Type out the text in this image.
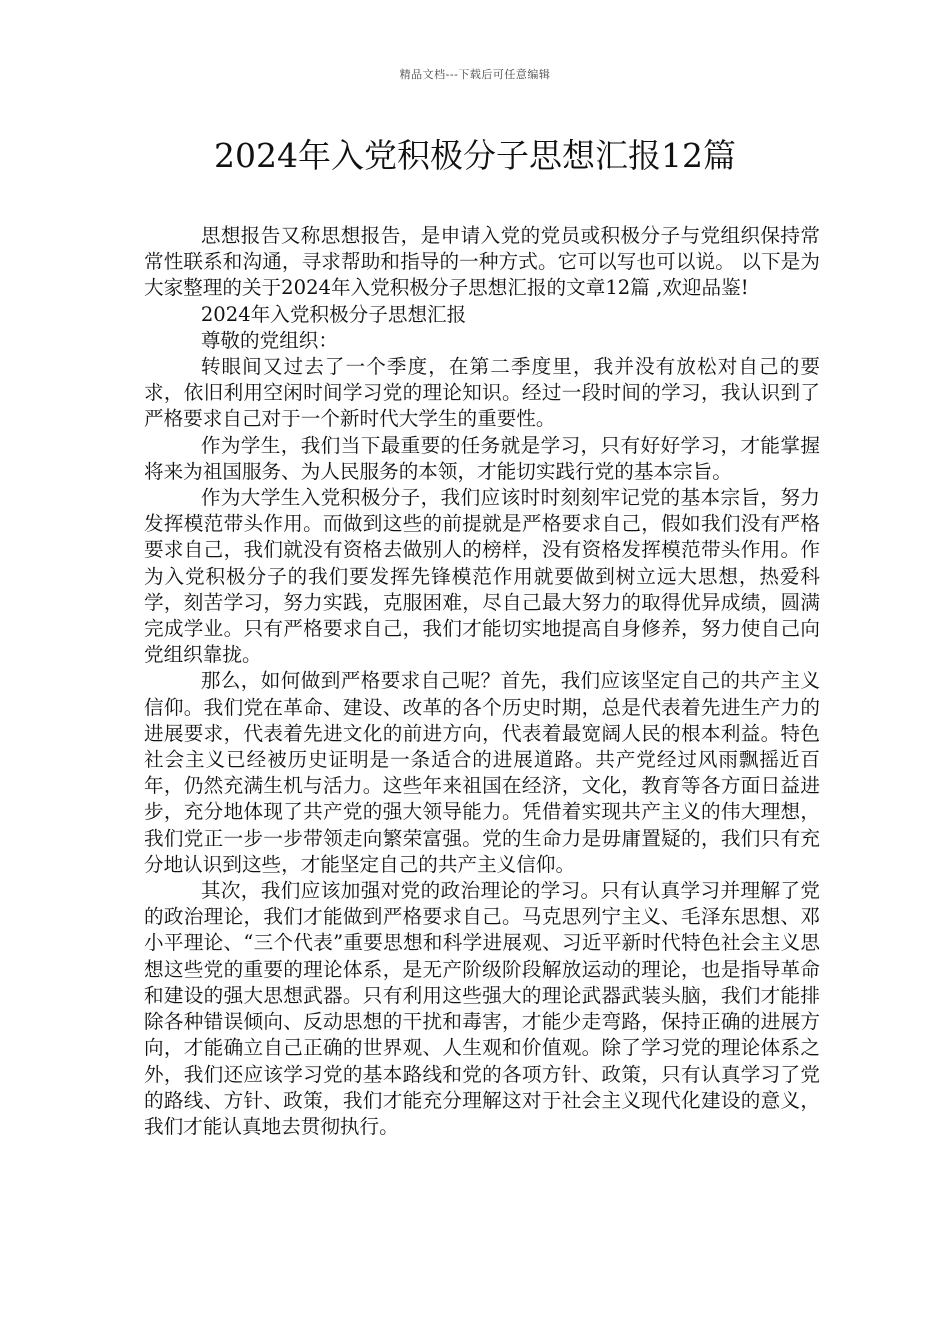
精品文档---下载后可任意编辑
2024年入党积极分子思想汇报12篇

思想报告又称思想报告，是申请入党的党员或积极分子与党组织保持常常性联系和沟通，寻求帮助和指导的一种方式。它可以写也可以说。 以下是为大家整理的关于2024年入党积极分子思想汇报的文章12篇 ,欢迎品鉴!

2024年入党积极分子思想汇报

尊敬的党组织：

转眼间又过去了一个季度，在第二季度里，我并没有放松对自己的要求，依旧利用空闲时间学习党的理论知识。经过一段时间的学习，我认识到了严格要求自己对于一个新时代大学生的重要性。

作为学生，我们当下最重要的任务就是学习，只有好好学习，才能掌握将来为祖国服务、为人民服务的本领，才能切实践行党的基本宗旨。

作为大学生入党积极分子，我们应该时时刻刻牢记党的基本宗旨，努力发挥模范带头作用。而做到这些的前提就是严格要求自己，假如我们没有严格要求自己，我们就没有资格去做别人的榜样，没有资格发挥模范带头作用。作为入党积极分子的我们要发挥先锋模范作用就要做到树立远大思想，热爱科学，刻苦学习，努力实践，克服困难，尽自己最大努力的取得优异成绩，圆满完成学业。只有严格要求自己，我们才能切实地提高自身修养，努力使自己向党组织靠拢。

那么，如何做到严格要求自己呢？首先，我们应该坚定自己的共产主义信仰。我们党在革命、建设、改革的各个历史时期，总是代表着先进生产力的进展要求，代表着先进文化的前进方向，代表着最宽阔人民的根本利益。特色社会主义已经被历史证明是一条适合的进展道路。共产党经过风雨飘摇近百年，仍然充满生机与活力。这些年来祖国在经济，文化，教育等各方面日益进步，充分地体现了共产党的强大领导能力。凭借着实现共产主义的伟大理想，我们党正一步一步带领走向繁荣富强。党的生命力是毋庸置疑的，我们只有充分地认识到这些，才能坚定自己的共产主义信仰。

其次，我们应该加强对党的政治理论的学习。只有认真学习并理解了党的政治理论，我们才能做到严格要求自己。马克思列宁主义、毛泽东思想、邓小平理论、“三个代表”重要思想和科学进展观、习近平新时代特色社会主义思想这些党的重要的理论体系，是无产阶级阶段解放运动的理论，也是指导革命和建设的强大思想武器。只有利用这些强大的理论武器武装头脑，我们才能排除各种错误倾向、反动思想的干扰和毒害，才能少走弯路，保持正确的进展方向，才能确立自己正确的世界观、人生观和价值观。除了学习党的理论体系之外，我们还应该学习党的基本路线和党的各项方针、政策，只有认真学习了党的路线、方针、政策，我们才能充分理解这对于社会主义现代化建设的意义，我们才能认真地去贯彻执行。
